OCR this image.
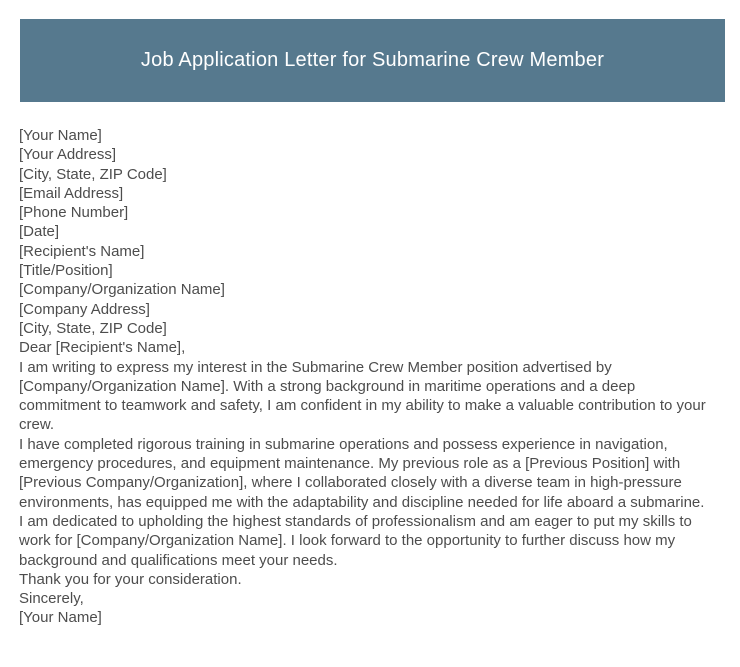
Job Application Letter for Submarine Crew Member
[Your Name]
[Your Address]
[City, State, ZIP Code]
[Email Address]
[Phone Number]
[Date]
[Recipient's Name]
[Title/Position]
[Company/Organization Name]
[Company Address]
[City, State, ZIP Code]
Dear [Recipient's Name],

I am writing to express my interest in the Submarine Crew Member position advertised by [Company/Organization Name]. With a strong background in maritime operations and a deep commitment to teamwork and safety, I am confident in my ability to make a valuable contribution to your crew.

I have completed rigorous training in submarine operations and possess experience in navigation, emergency procedures, and equipment maintenance. My previous role as a [Previous Position] with [Previous Company/Organization], where I collaborated closely with a diverse team in high-pressure environments, has equipped me with the adaptability and discipline needed for life aboard a submarine.

I am dedicated to upholding the highest standards of professionalism and am eager to put my skills to work for [Company/Organization Name]. I look forward to the opportunity to further discuss how my background and qualifications meet your needs.

Thank you for your consideration.
Sincerely,
[Your Name]
